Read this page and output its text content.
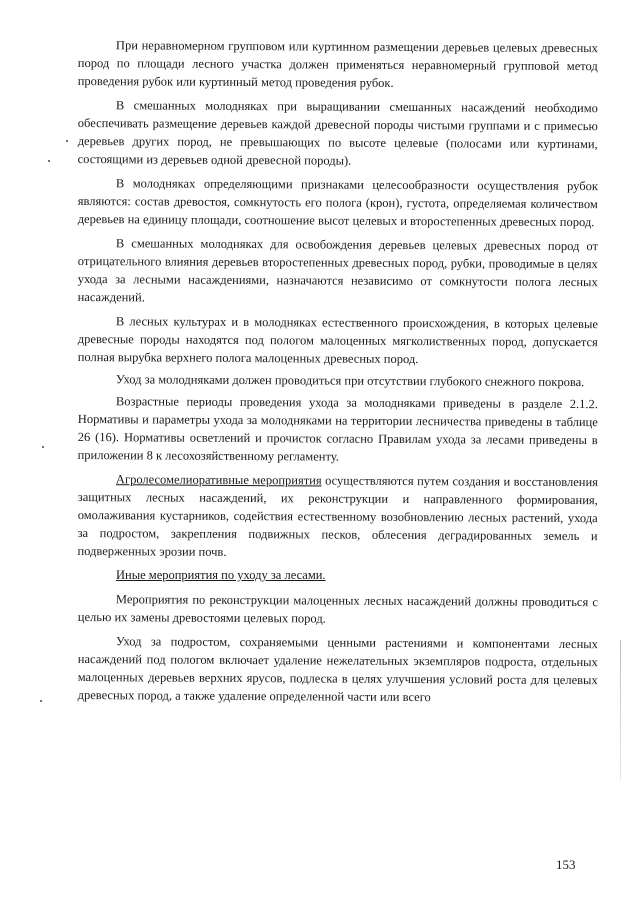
При неравномерном групповом или куртинном размещении деревьев целевых древесных пород по площади лесного участка должен применяться неравномерный групповой метод проведения рубок или куртинный метод проведения рубок.

В смешанных молодняках при выращивании смешанных насаждений необходимо обеспечивать размещение деревьев каждой древесной породы чистыми группами и с примесью деревьев других пород, не превышающих по высоте целевые (полосами или куртинами, состоящими из деревьев одной древесной породы).

В молодняках определяющими признаками целесообразности осуществления рубок являются: состав древостоя, сомкнутость его полога (крон), густота, определяемая количеством деревьев на единицу площади, соотношение высот целевых и второстепенных древесных пород.

В смешанных молодняках для освобождения деревьев целевых древесных пород от отрицательного влияния деревьев второстепенных древесных пород, рубки, проводимые в целях ухода за лесными насаждениями, назначаются независимо от сомкнутости полога лесных насаждений.

В лесных культурах и в молодняках естественного происхождения, в которых целевые древесные породы находятся под пологом малоценных мягколиственных пород, допускается полная вырубка верхнего полога малоценных древесных пород.

Уход за молодняками должен проводиться при отсутствии глубокого снежного покрова.

Возрастные периоды проведения ухода за молодняками приведены в разделе 2.1.2. Нормативы и параметры ухода за молодняками на территории лесничества приведены в таблице 26 (16). Нормативы осветлений и прочисток согласно Правилам ухода за лесами приведены в приложении 8 к лесохозяйственному регламенту.

Агролесомелиоративные мероприятия осуществляются путем создания и восстановления защитных лесных насаждений, их реконструкции и направленного формирования, омолаживания кустарников, содействия естественному возобновлению лесных растений, ухода за подростом, закрепления подвижных песков, облесения деградированных земель и подверженных эрозии почв.

Иные мероприятия по уходу за лесами.

Мероприятия по реконструкции малоценных лесных насаждений должны проводиться с целью их замены древостоями целевых пород.

Уход за подростом, сохраняемыми ценными растениями и компонентами лесных насаждений под пологом включает удаление нежелательных экземпляров подроста, отдельных малоценных деревьев верхних ярусов, подлеска в целях улучшения условий роста для целевых древесных пород, а также удаление определенной части или всего

153
